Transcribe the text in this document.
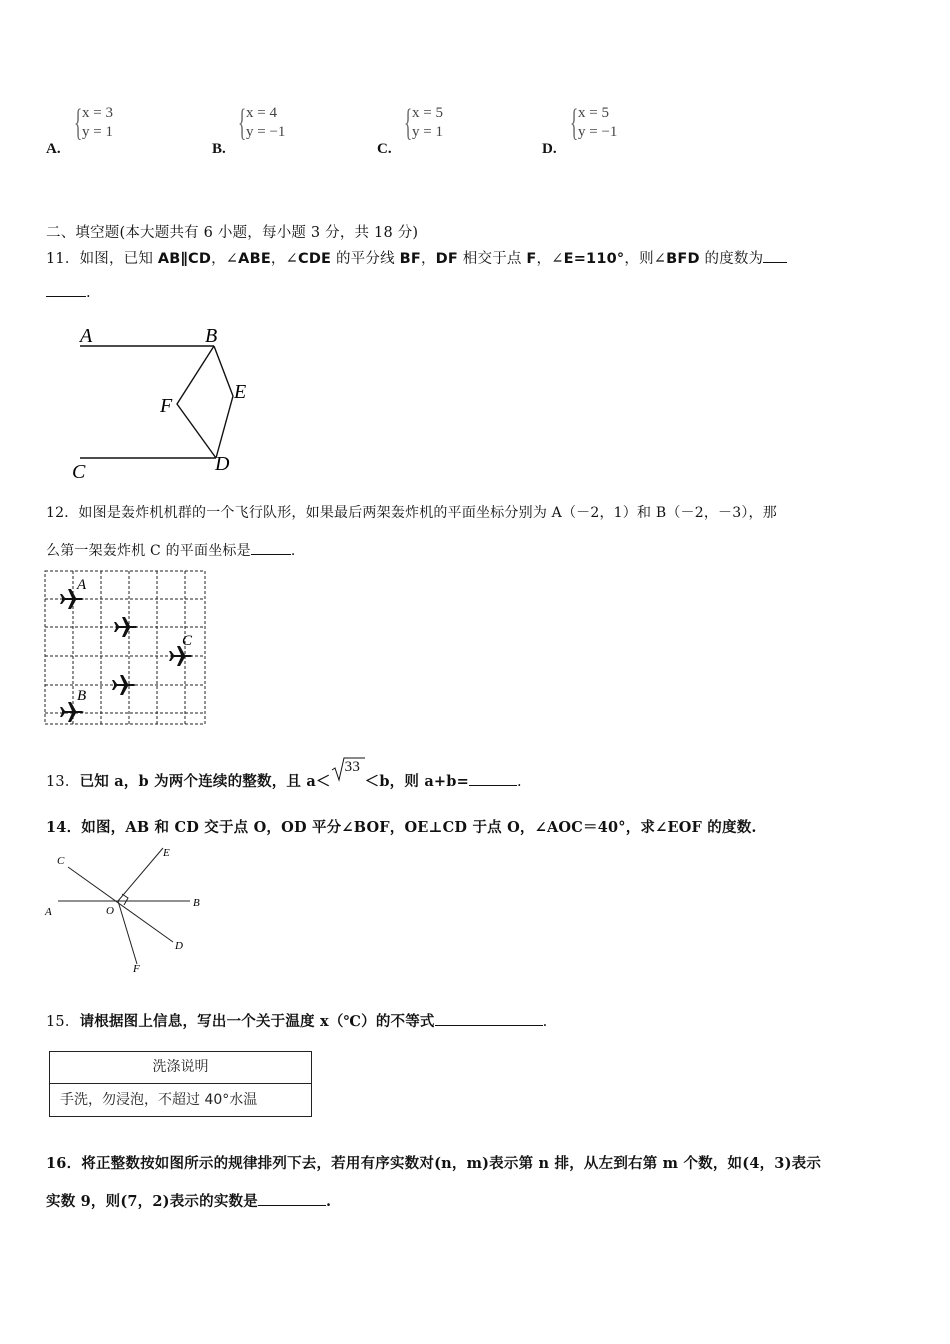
{ x = 3
y = 1
A.
{ x = 4
y = −1
B.
{ x = 5
y = 1
C.
{ x = 5
y = −1
D.
二、填空题(本大题共有 6 小题，每小题 3 分，共 18 分)
11．如图，已知 AB∥CD，∠ABE，∠CDE 的平分线 BF，DF 相交于点 F，∠E=110°，则∠BFD 的度数为
.
A	B
E
F
C	D
12．如图是轰炸机机群的一个飞行队形，如果最后两架轰炸机的平面坐标分别为 A（－2，1）和 B（－2，－3），那
么第一架轰炸机 C 的平面坐标是	.
A
C
B
13．已知 a，b 为两个连续的整数，且 a＜
33
＜b，则 a+b=	.
14．如图，AB 和 CD 交于点 O，OD 平分∠BOF，OE⊥CD 于点 O，∠AOC＝40°，求∠EOF 的度数.
C
E
A	O
B
D
F
15．请根据图上信息，写出一个关于温度 x（℃）的不等式	.
洗涤说明
手洗，勿浸泡，不超过 40°水温
16．将正整数按如图所示的规律排列下去，若用有序实数对(n，m)表示第 n 排，从左到右第 m 个数，如(4，3)表示
实数 9，则(7，2)表示的实数是	.
